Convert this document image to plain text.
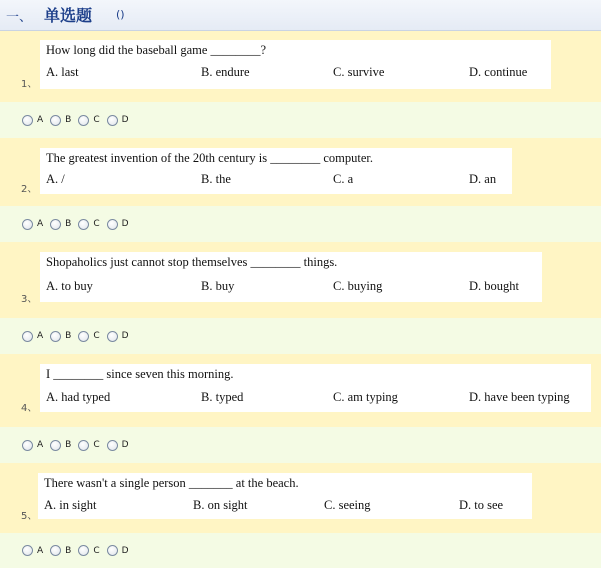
一、 单选题 ()
1、
How long did the baseball game ________?
A. last	B. endure	C. survive	D. continue
A B C D
2、
The greatest invention of the 20th century is ________ computer.
A. /	B. the	C. a	D. an
A B C D
3、
Shopaholics just cannot stop themselves ________ things.
A. to buy	B. buy	C. buying	D. bought
A B C D
4、
I ________ since seven this morning.
A. had typed	B. typed	C. am typing	D. have been typing
A B C D
5、
There wasn't a single person _______ at the beach.
A. in sight	B. on sight	C. seeing	D. to see
A B C D
